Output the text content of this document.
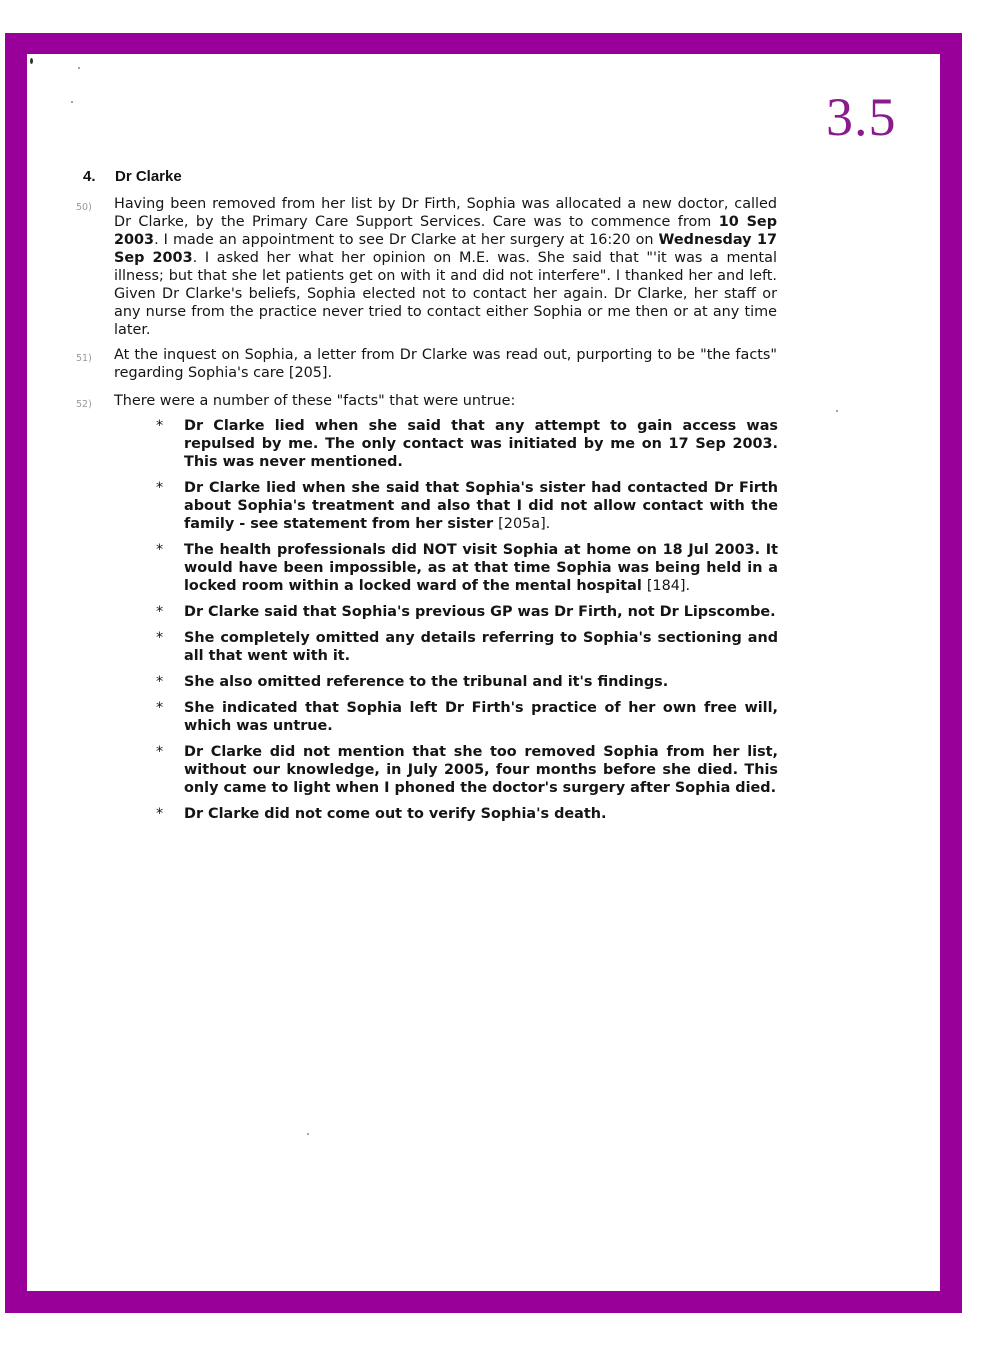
3.5
4. Dr Clarke
50) Having been removed from her list by Dr Firth, Sophia was allocated a new doctor, called Dr Clarke, by the Primary Care Support Services. Care was to commence from 10 Sep 2003. I made an appointment to see Dr Clarke at her surgery at 16:20 on Wednesday 17 Sep 2003. I asked her what her opinion on M.E. was. She said that "'it was a mental illness; but that she let patients get on with it and did not interfere". I thanked her and left. Given Dr Clarke's beliefs, Sophia elected not to contact her again. Dr Clarke, her staff or any nurse from the practice never tried to contact either Sophia or me then or at any time later.
51) At the inquest on Sophia, a letter from Dr Clarke was read out, purporting to be "the facts" regarding Sophia's care [205].
52) There were a number of these "facts" that were untrue:
* Dr Clarke lied when she said that any attempt to gain access was repulsed by me. The only contact was initiated by me on 17 Sep 2003. This was never mentioned.
* Dr Clarke lied when she said that Sophia's sister had contacted Dr Firth about Sophia's treatment and also that I did not allow contact with the family - see statement from her sister [205a].
* The health professionals did NOT visit Sophia at home on 18 Jul 2003. It would have been impossible, as at that time Sophia was being held in a locked room within a locked ward of the mental hospital [184].
* Dr Clarke said that Sophia's previous GP was Dr Firth, not Dr Lipscombe.
* She completely omitted any details referring to Sophia's sectioning and all that went with it.
* She also omitted reference to the tribunal and it's findings.
* She indicated that Sophia left Dr Firth's practice of her own free will, which was untrue.
* Dr Clarke did not mention that she too removed Sophia from her list, without our knowledge, in July 2005, four months before she died. This only came to light when I phoned the doctor's surgery after Sophia died.
* Dr Clarke did not come out to verify Sophia's death.
